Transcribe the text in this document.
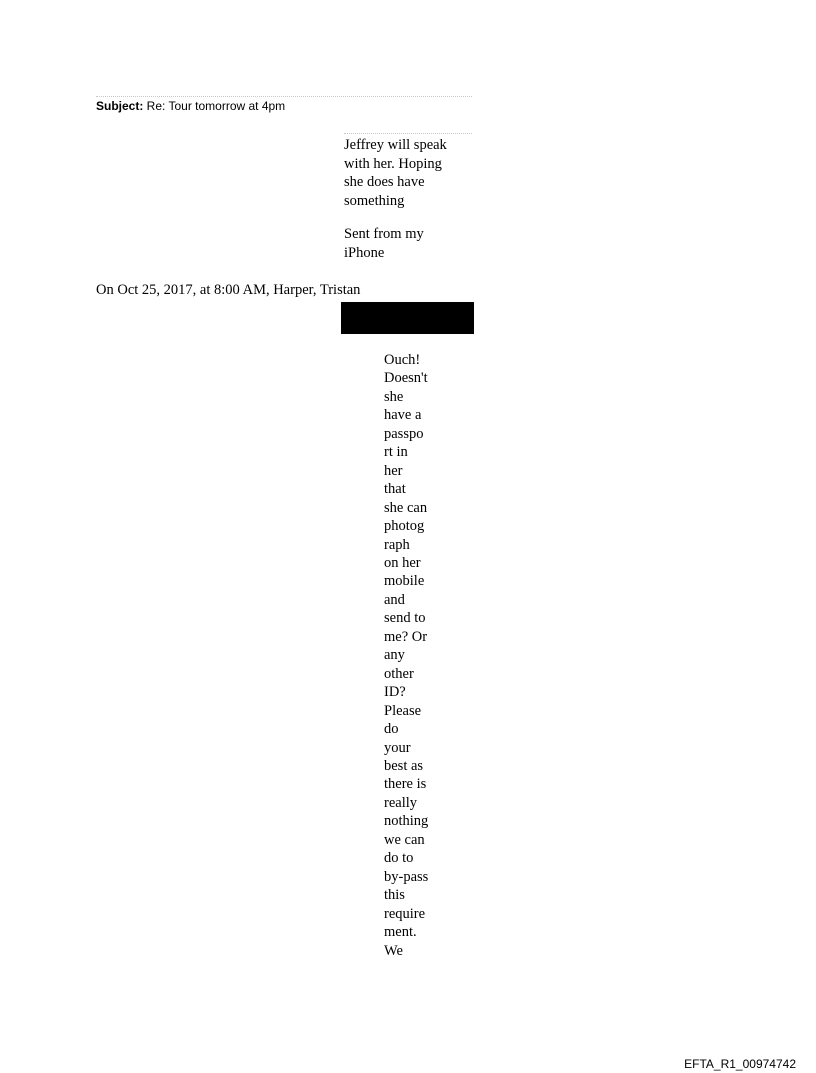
Subject: Re: Tour tomorrow at 4pm

Jeffrey will speak with her. Hoping she does have something

Sent from my iPhone

On Oct 25, 2017, at 8:00 AM, Harper, Tristan
Ouch!
Doesn't
she
have a
passpo
rt in
her
that
she can
photog
raph
on her
mobile
and
send to
me? Or
any
other
ID?
Please
do
your
best as
there is
really
nothing
we can
do to
by-pass
this
require
ment.
We
EFTA_R1_00974742
